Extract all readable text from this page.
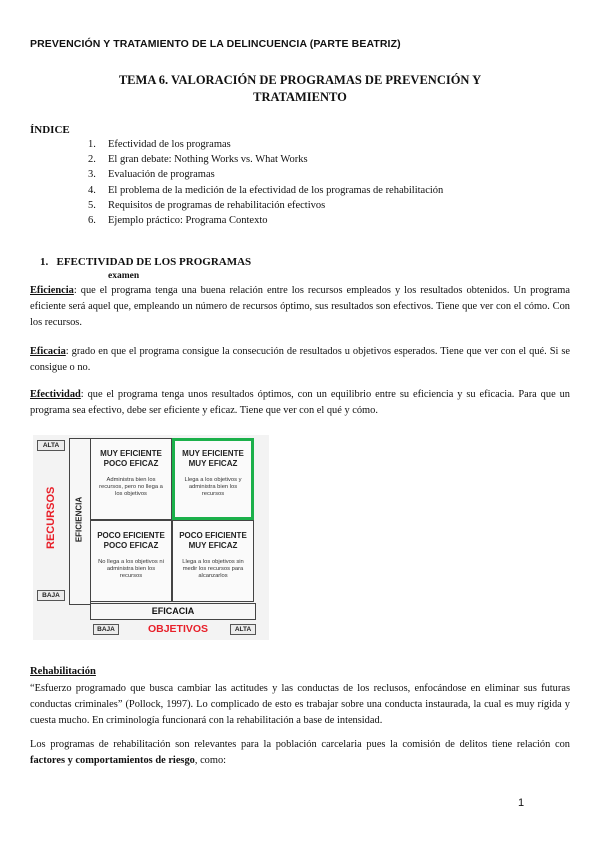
PREVENCIÓN Y TRATAMIENTO DE LA DELINCUENCIA (PARTE BEATRIZ)
TEMA 6. VALORACIÓN DE PROGRAMAS DE PREVENCIÓN Y
TRATAMIENTO
ÍNDICE
1. Efectividad de los programas
2. El gran debate: Nothing Works vs. What Works
3. Evaluación de programas
4. El problema de la medición de la efectividad de los programas de rehabilitación
5. Requisitos de programas de rehabilitación efectivos
6. Ejemplo práctico: Programa Contexto
1. EFECTIVIDAD DE LOS PROGRAMAS
examen
Eficiencia: que el programa tenga una buena relación entre los recursos empleados y los resultados obtenidos. Un programa eficiente será aquel que, empleando un número de recursos óptimo, sus resultados son efectivos. Tiene que ver con el cómo. Con los recursos.
Eficacia: grado en que el programa consigue la consecución de resultados u objetivos esperados. Tiene que ver con el qué. Si se consigue o no.
Efectividad: que el programa tenga unos resultados óptimos, con un equilibrio entre su eficiencia y su eficacia. Para que un programa sea efectivo, debe ser eficiente y eficaz. Tiene que ver con el qué y cómo.
ALTA
BAJA
RECURSOS EFICIENCIA
MUY EFICIENTE POCO EFICAZ
Administra bien los recursos, pero no llega a los objetivos
MUY EFICIENTE MUY EFICAZ
Llega a los objetivos y administra bien los recursos
POCO EFICIENTE POCO EFICAZ
No llega a los objetivos ni administra bien los recursos
POCO EFICIENTE MUY EFICAZ
Llega a los objetivos sin medir los recursos para alcanzarlos
EFICACIA
BAJA	OBJETIVOS	ALTA
Rehabilitación
“Esfuerzo programado que busca cambiar las actitudes y las conductas de los reclusos, enfocándose en eliminar sus futuras conductas criminales” (Pollock, 1997). Lo complicado de esto es trabajar sobre una conducta instaurada, la cual es muy rígida y cuesta mucho. En criminología funcionará con la rehabilitación a base de intensidad.
Los programas de rehabilitación son relevantes para la población carcelaria pues la comisión de delitos tiene relación con factores y comportamientos de riesgo, como:
1
